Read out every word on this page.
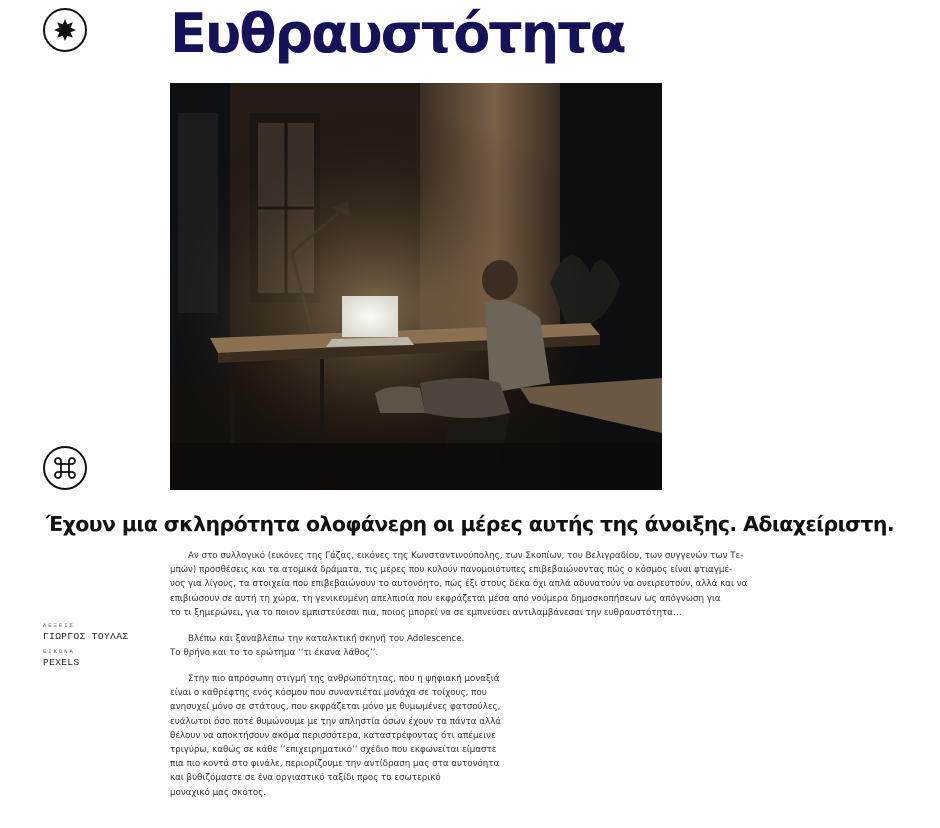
Ευθραυστότητα
Έχουν μια σκληρότητα ολοφάνερη οι μέρες αυτής της άνοιξης. Αδιαχείριστη.
ΛΕΞΕΙΣ
ΓΙΩΡΓΟΣ ΤΟΥΛΑΣ
ΕΙΚΟΝΑ
PEXELS
Αν στο συλλογικό (εικόνες της Γάζας, εικόνες της Κωνσταντινούπολης, των Σκοπίων, του Βελιγραδίου, των συγγενών των Τε-
μπών) προσθέσεις και τα ατομικά δράματα, τις μέρες που κυλούν πανομοιότυπες επιβεβαιώνοντας πώς ο κόσμος είναι φτιαγμέ-
νος για λίγους, τα στοιχεία που επιβεβαιώνουν το αυτονόητο, πώς έξι στους δέκα όχι απλά αδυνατούν να ονειρευτούν, αλλά και να
επιβιώσουν σε αυτή τη χώρα, τη γενικευμένη απελπισία που εκφράζεται μέσα από νούμερα δημοσκοπήσεων ως απόγνωση για
το τι ξημερώνει, για το ποιον εμπιστεύεσαι πια, ποιος μπορεί να σε εμπνεύσει αντιλαμβάνεσαι την ευθραυστότητα…
Βλέπω και ξαναβλέπω την καταλκτική σκηνή του Adolescence.
Το θρήνο και το το ερώτημα ‘’τι έκανα λάθος’’.
Στην πιο απρόσωπη στιγμή της ανθρωπότητας, που η ψηφιακή μοναξιά
είναι ο καθρέφτης ενός κόσμου που συναντιέται μονάχα σε τοίχους, που
ανησυχεί μόνο σε στάτους, που εκφράζεται μόνο με θυμωμένες φατσούλες,
ευάλωτοι όσο ποτέ θυμώνουμε με την απληστία όσων έχουν τα πάντα αλλά
θέλουν να αποκτήσουν ακόμα περισσότερα, καταστρέφοντας ότι απέμεινε
τριγύρω, καθώς σε κάθε ‘’επιχειρηματικό’’ σχέδιο που εκφωνείται είμαστε
πια πιο κοντά στο φινάλε, περιορίζουμε την αντίδραση μας στα αυτονόητα
και βυθιζόμαστε σε ένα οργιαστικό ταξίδι προς το εσωτερικό
μοναχικό μας σκότος.
